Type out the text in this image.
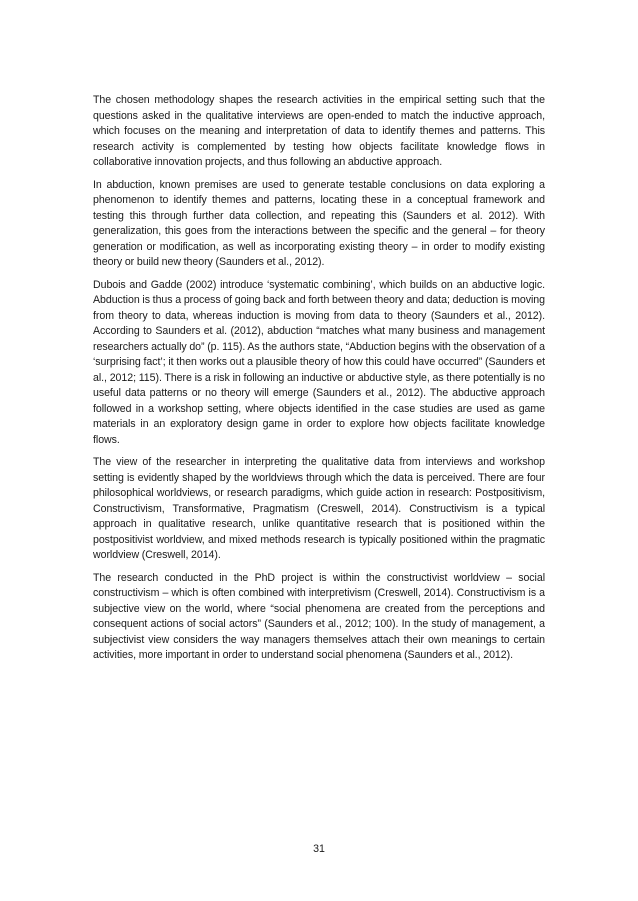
The chosen methodology shapes the research activities in the empirical setting such that the questions asked in the qualitative interviews are open-ended to match the inductive approach, which focuses on the meaning and interpretation of data to identify themes and patterns. This research activity is complemented by testing how objects facilitate knowledge flows in collaborative innovation projects, and thus following an abductive approach.

In abduction, known premises are used to generate testable conclusions on data exploring a phenomenon to identify themes and patterns, locating these in a conceptual framework and testing this through further data collection, and repeating this (Saunders et al. 2012). With generalization, this goes from the interactions between the specific and the general – for theory generation or modification, as well as incorporating existing theory – in order to modify existing theory or build new theory (Saunders et al., 2012).

Dubois and Gadde (2002) introduce ‘systematic combining’, which builds on an abductive logic. Abduction is thus a process of going back and forth between theory and data; deduction is moving from theory to data, whereas induction is moving from data to theory (Saunders et al., 2012). According to Saunders et al. (2012), abduction “matches what many business and management researchers actually do” (p. 115). As the authors state, “Abduction begins with the observation of a ‘surprising fact’; it then works out a plausible theory of how this could have occurred” (Saunders et al., 2012; 115). There is a risk in following an inductive or abductive style, as there potentially is no useful data patterns or no theory will emerge (Saunders et al., 2012). The abductive approach followed in a workshop setting, where objects identified in the case studies are used as game materials in an exploratory design game in order to explore how objects facilitate knowledge flows.

The view of the researcher in interpreting the qualitative data from interviews and workshop setting is evidently shaped by the worldviews through which the data is perceived. There are four philosophical worldviews, or research paradigms, which guide action in research: Postpositivism, Constructivism, Transformative, Pragmatism (Creswell, 2014). Constructivism is a typical approach in qualitative research, unlike quantitative research that is positioned within the postpositivist worldview, and mixed methods research is typically positioned within the pragmatic worldview (Creswell, 2014).

The research conducted in the PhD project is within the constructivist worldview – social constructivism – which is often combined with interpretivism (Creswell, 2014). Constructivism is a subjective view on the world, where “social phenomena are created from the perceptions and consequent actions of social actors” (Saunders et al., 2012; 100). In the study of management, a subjectivist view considers the way managers themselves attach their own meanings to certain activities, more important in order to understand social phenomena (Saunders et al., 2012).

31
